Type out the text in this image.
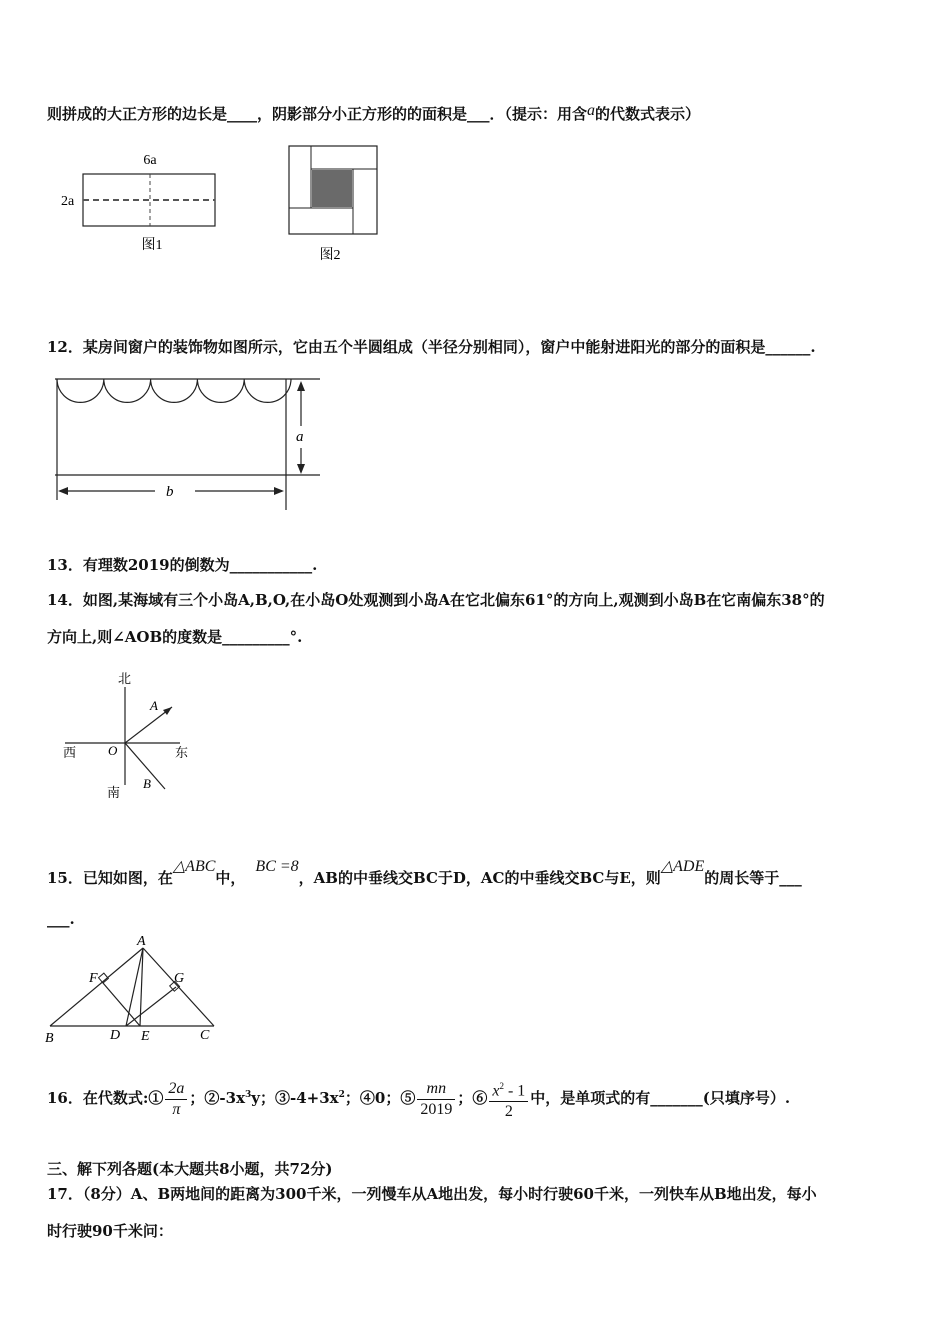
则拼成的大正方形的边长是____，阴影部分小正方形的的面积是___．（提示：用含a的代数式表示）
6a
2a
图1
图2
12．某房间窗户的装饰物如图所示，它由五个半圆组成（半径分别相同），窗户中能射进阳光的部分的面积是______.
a
b
13．有理数2019的倒数为___________.
14．如图,某海域有三个小岛A,B,O,在小岛O处观测到小岛A在它北偏东61°的方向上,观测到小岛B在它南偏东38°的
方向上,则∠AOB的度数是_________°.
北
南
西	东
A
B
O
15．已知如图，在△ABC中，BC =8，AB的中垂线交BC于D，AC的中垂线交BC与E，则△ADE的周长等于___
___.
A
B	C
D E
F	G
16．在代数式:① $\frac{2a}{\pi}$ ；$②-3x^3y$；$③-4+3x^2$；④0；⑤ $\frac{mn}{2019}$ ；⑥ $\frac{x^2 - 1}{2}$ 中，是单项式的有_______(只填序号）.
三、解下列各题(本大题共8小题，共72分)
17．（8分）A、B两地间的距离为300千米，一列慢车从A地出发，每小时行驶60千米，一列快车从B地出发，每小
时行驶90千米问：
